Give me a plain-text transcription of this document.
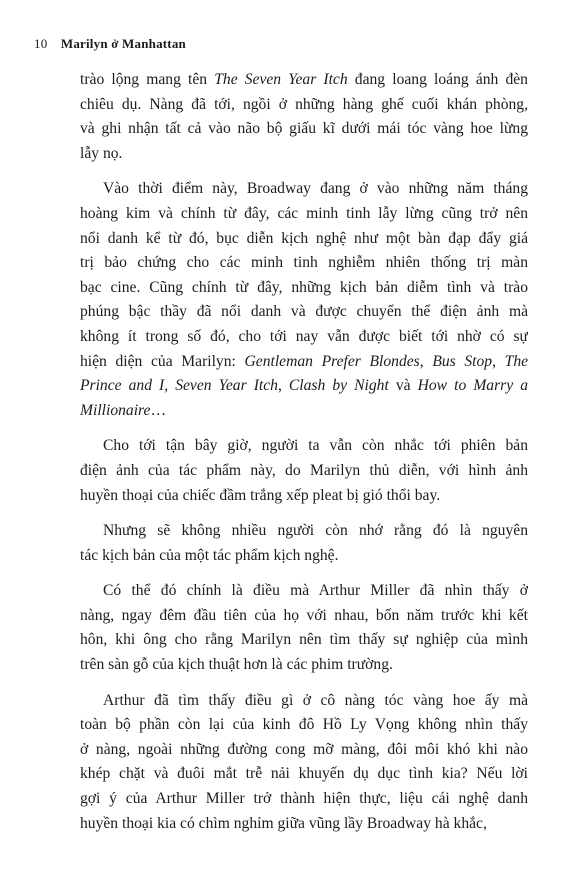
10 Marilyn ở Manhattan
trào lộng mang tên The Seven Year Itch đang loang loáng ánh đèn
chiêu dụ. Nàng đã tới, ngồi ở những hàng ghế cuối khán phòng,
và ghi nhận tất cả vào não bộ giấu kĩ dưới mái tóc vàng hoe lừng
lẫy nọ.
Vào thời điểm này, Broadway đang ở vào những năm tháng
hoàng kim và chính từ đây, các minh tinh lẫy lừng cũng trở nên
nổi danh kể từ đó, bục diễn kịch nghệ như một bàn đạp đẩy giá
trị bảo chứng cho các minh tinh nghiễm nhiên thống trị màn
bạc cine. Cũng chính từ đây, những kịch bản diễm tình và trào
phúng bậc thầy đã nổi danh và được chuyển thể điện ảnh mà
không ít trong số đó, cho tới nay vẫn được biết tới nhờ có sự
hiện diện của Marilyn: Gentleman Prefer Blondes, Bus Stop, The
Prince and I, Seven Year Itch, Clash by Night và How to Marry a
Millionaire…
Cho tới tận bây giờ, người ta vẫn còn nhắc tới phiên bản
điện ảnh của tác phẩm này, do Marilyn thủ diễn, với hình ảnh
huyền thoại của chiếc đầm trắng xếp pleat bị gió thổi bay.
Nhưng sẽ không nhiều người còn nhớ rằng đó là nguyên
tác kịch bản của một tác phẩm kịch nghệ.
Có thể đó chính là điều mà Arthur Miller đã nhìn thấy ở
nàng, ngay đêm đầu tiên của họ với nhau, bốn năm trước khi kết
hôn, khi ông cho rằng Marilyn nên tìm thấy sự nghiệp của mình
trên sàn gỗ của kịch thuật hơn là các phim trường.
Arthur đã tìm thấy điều gì ở cô nàng tóc vàng hoe ấy mà
toàn bộ phần còn lại của kinh đô Hồ Ly Vọng không nhìn thấy
ở nàng, ngoài những đường cong mỡ màng, đôi môi khó khi nào
khép chặt và đuôi mắt trễ nải khuyến dụ dục tình kia? Nếu lời
gợi ý của Arthur Miller trở thành hiện thực, liệu cái nghệ danh
huyền thoại kia có chìm nghỉm giữa vũng lầy Broadway hà khắc,
